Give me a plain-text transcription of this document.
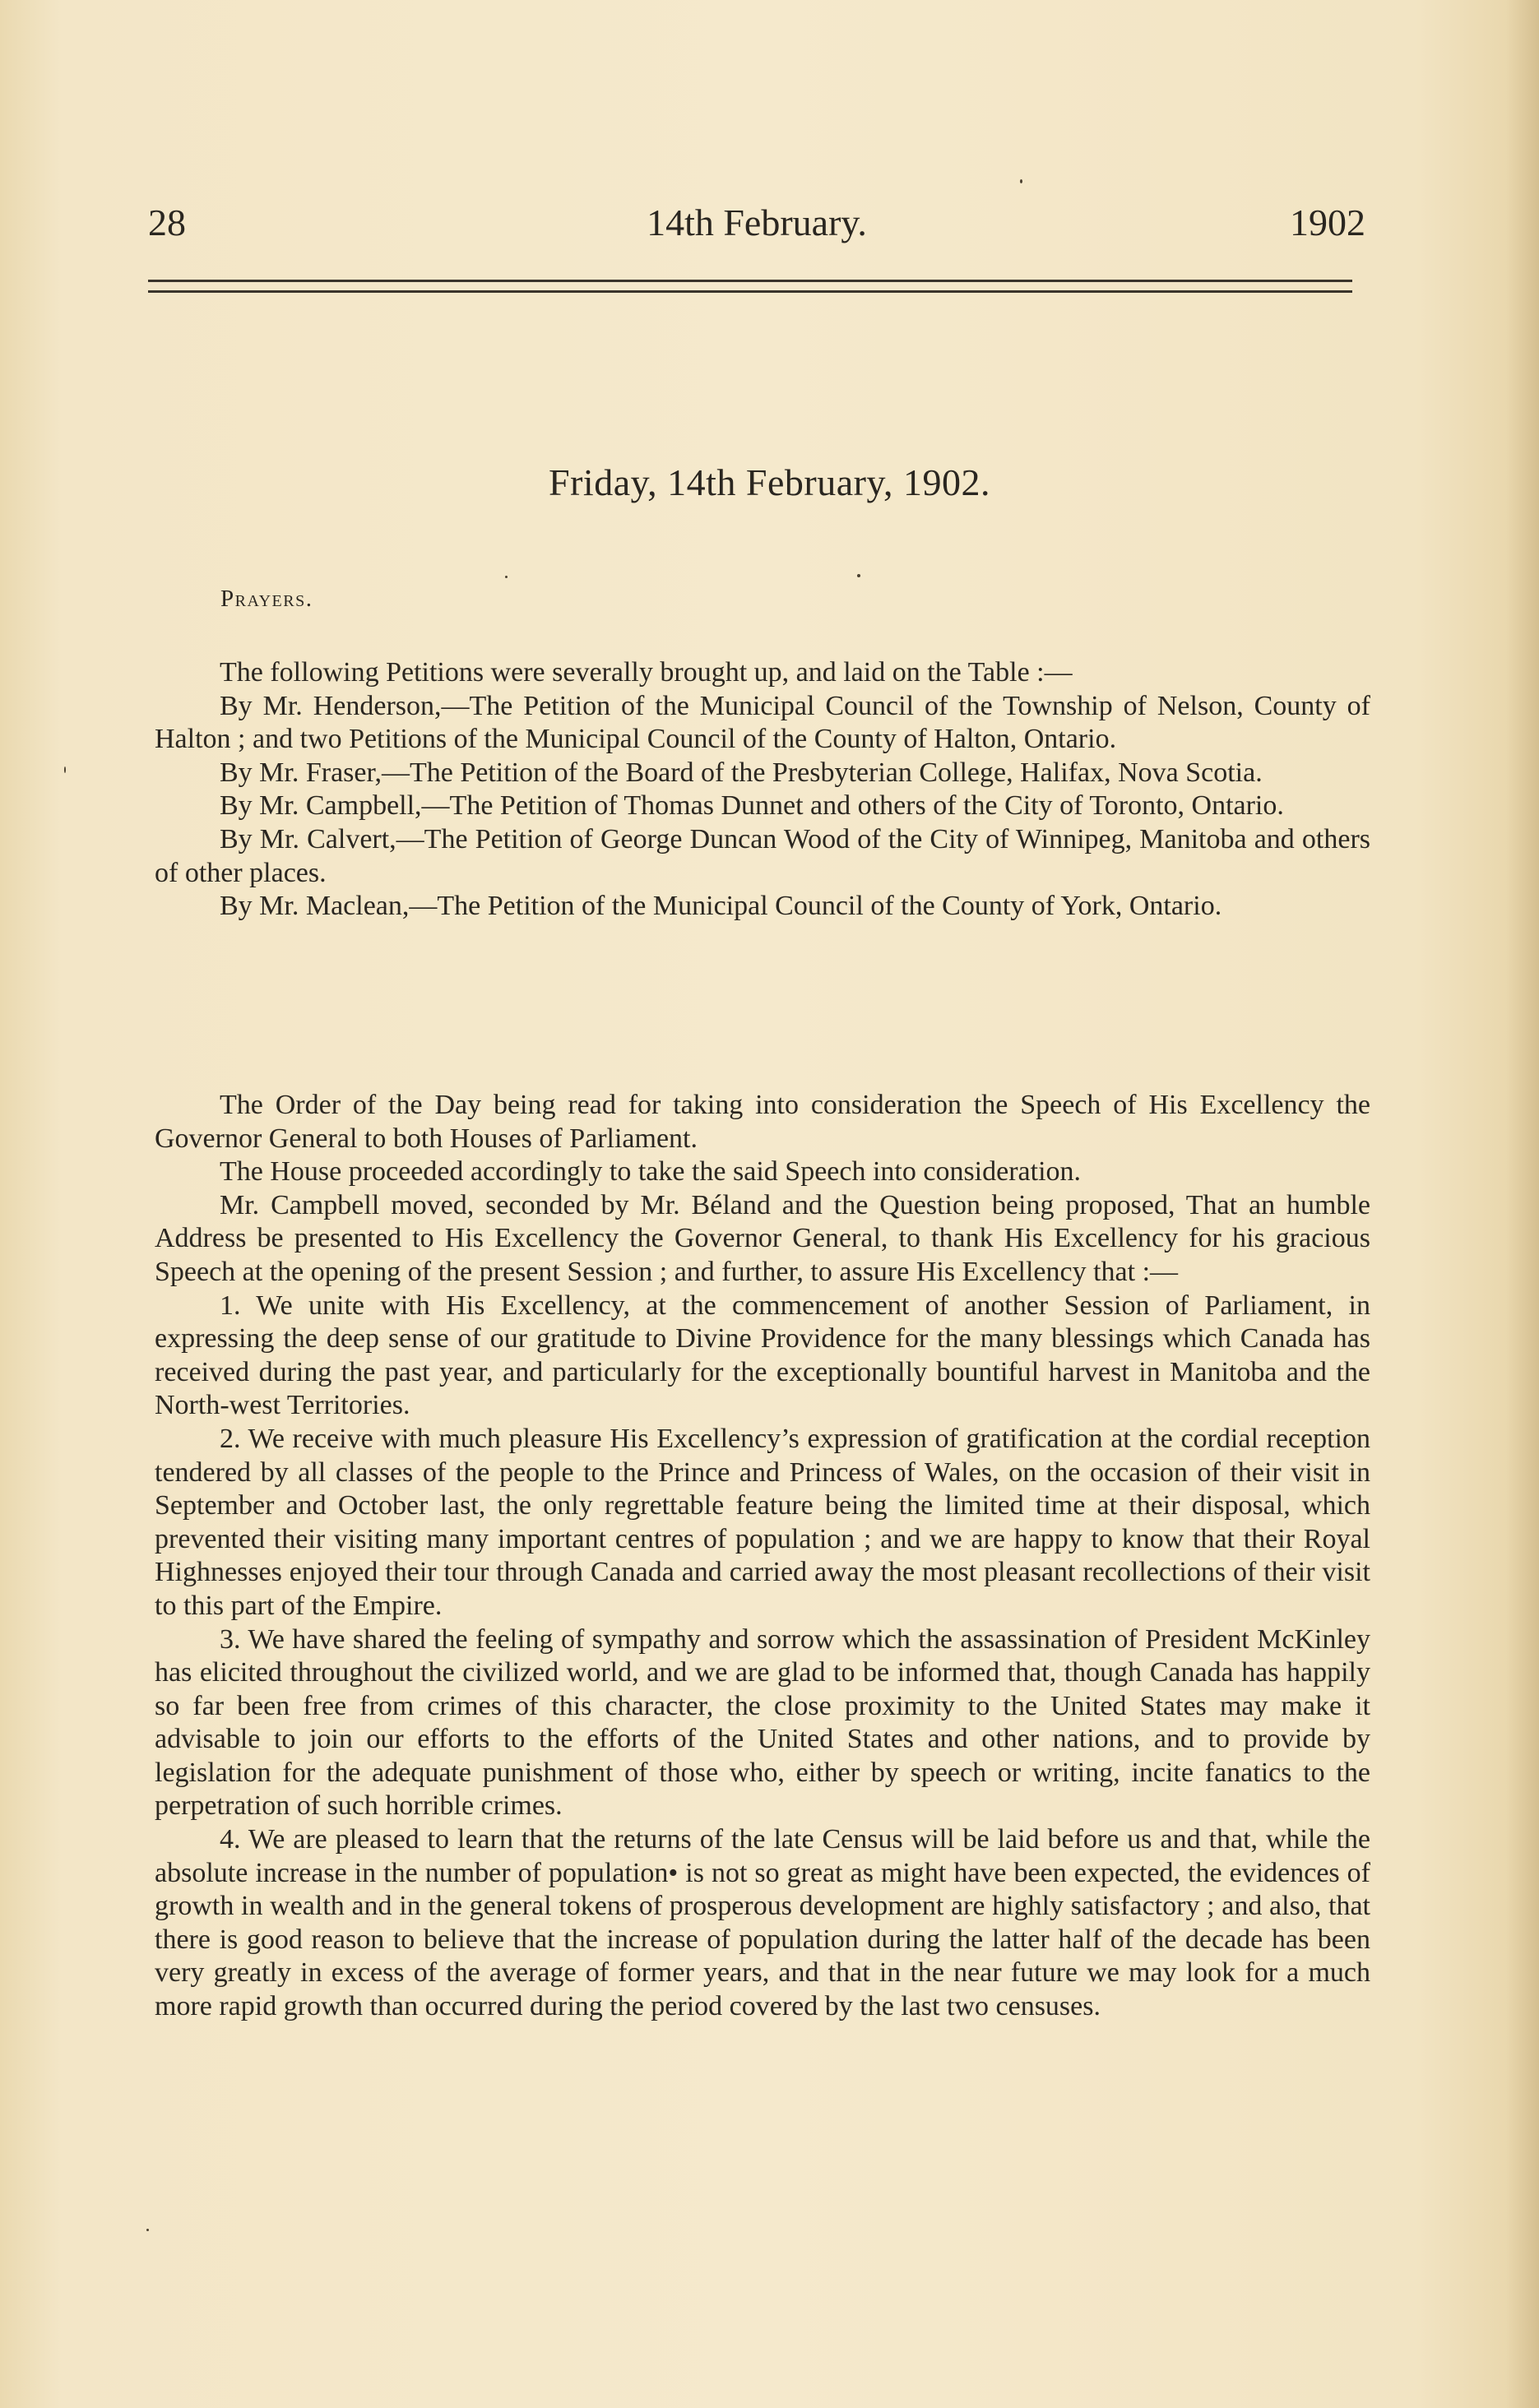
28	14th February.	1902
Friday, 14th February, 1902.
Prayers.

The following Petitions were severally brought up, and laid on the Table :—

By Mr. Henderson,—The Petition of the Municipal Council of the Township of Nelson, County of Halton ; and two Petitions of the Municipal Council of the County of Halton, Ontario.

By Mr. Fraser,—The Petition of the Board of the Presbyterian College, Halifax, Nova Scotia.

By Mr. Campbell,—The Petition of Thomas Dunnet and others of the City of Toronto, Ontario.

By Mr. Calvert,—The Petition of George Duncan Wood of the City of Winnipeg, Manitoba and others of other places.

By Mr. Maclean,—The Petition of the Municipal Council of the County of York, Ontario.

The Order of the Day being read for taking into consideration the Speech of His Excellency the Governor General to both Houses of Parliament.

The House proceeded accordingly to take the said Speech into consideration.

Mr. Campbell moved, seconded by Mr. Béland and the Question being proposed, That an humble Address be presented to His Excellency the Governor General, to thank His Excellency for his gracious Speech at the opening of the present Session ; and further, to assure His Excellency that :—

1. We unite with His Excellency, at the commencement of another Session of Parliament, in expressing the deep sense of our gratitude to Divine Providence for the many blessings which Canada has received during the past year, and particularly for the exceptionally bountiful harvest in Manitoba and the North-west Territories.

2. We receive with much pleasure His Excellency’s expression of gratification at the cordial reception tendered by all classes of the people to the Prince and Princess of Wales, on the occasion of their visit in September and October last, the only regrettable feature being the limited time at their disposal, which prevented their visiting many important centres of population ; and we are happy to know that their Royal Highnesses enjoyed their tour through Canada and carried away the most pleasant recollections of their visit to this part of the Empire.

3. We have shared the feeling of sympathy and sorrow which the assassination of President McKinley has elicited throughout the civilized world, and we are glad to be informed that, though Canada has happily so far been free from crimes of this character, the close proximity to the United States may make it advisable to join our efforts to the efforts of the United States and other nations, and to provide by legislation for the adequate punishment of those who, either by speech or writing, incite fanatics to the perpetration of such horrible crimes.

4. We are pleased to learn that the returns of the late Census will be laid before us and that, while the absolute increase in the number of population• is not so great as might have been expected, the evidences of growth in wealth and in the general tokens of prosperous development are highly satisfactory ; and also, that there is good reason to believe that the increase of population during the latter half of the decade has been very greatly in excess of the average of former years, and that in the near future we may look for a much more rapid growth than occurred during the period covered by the last two censuses.
